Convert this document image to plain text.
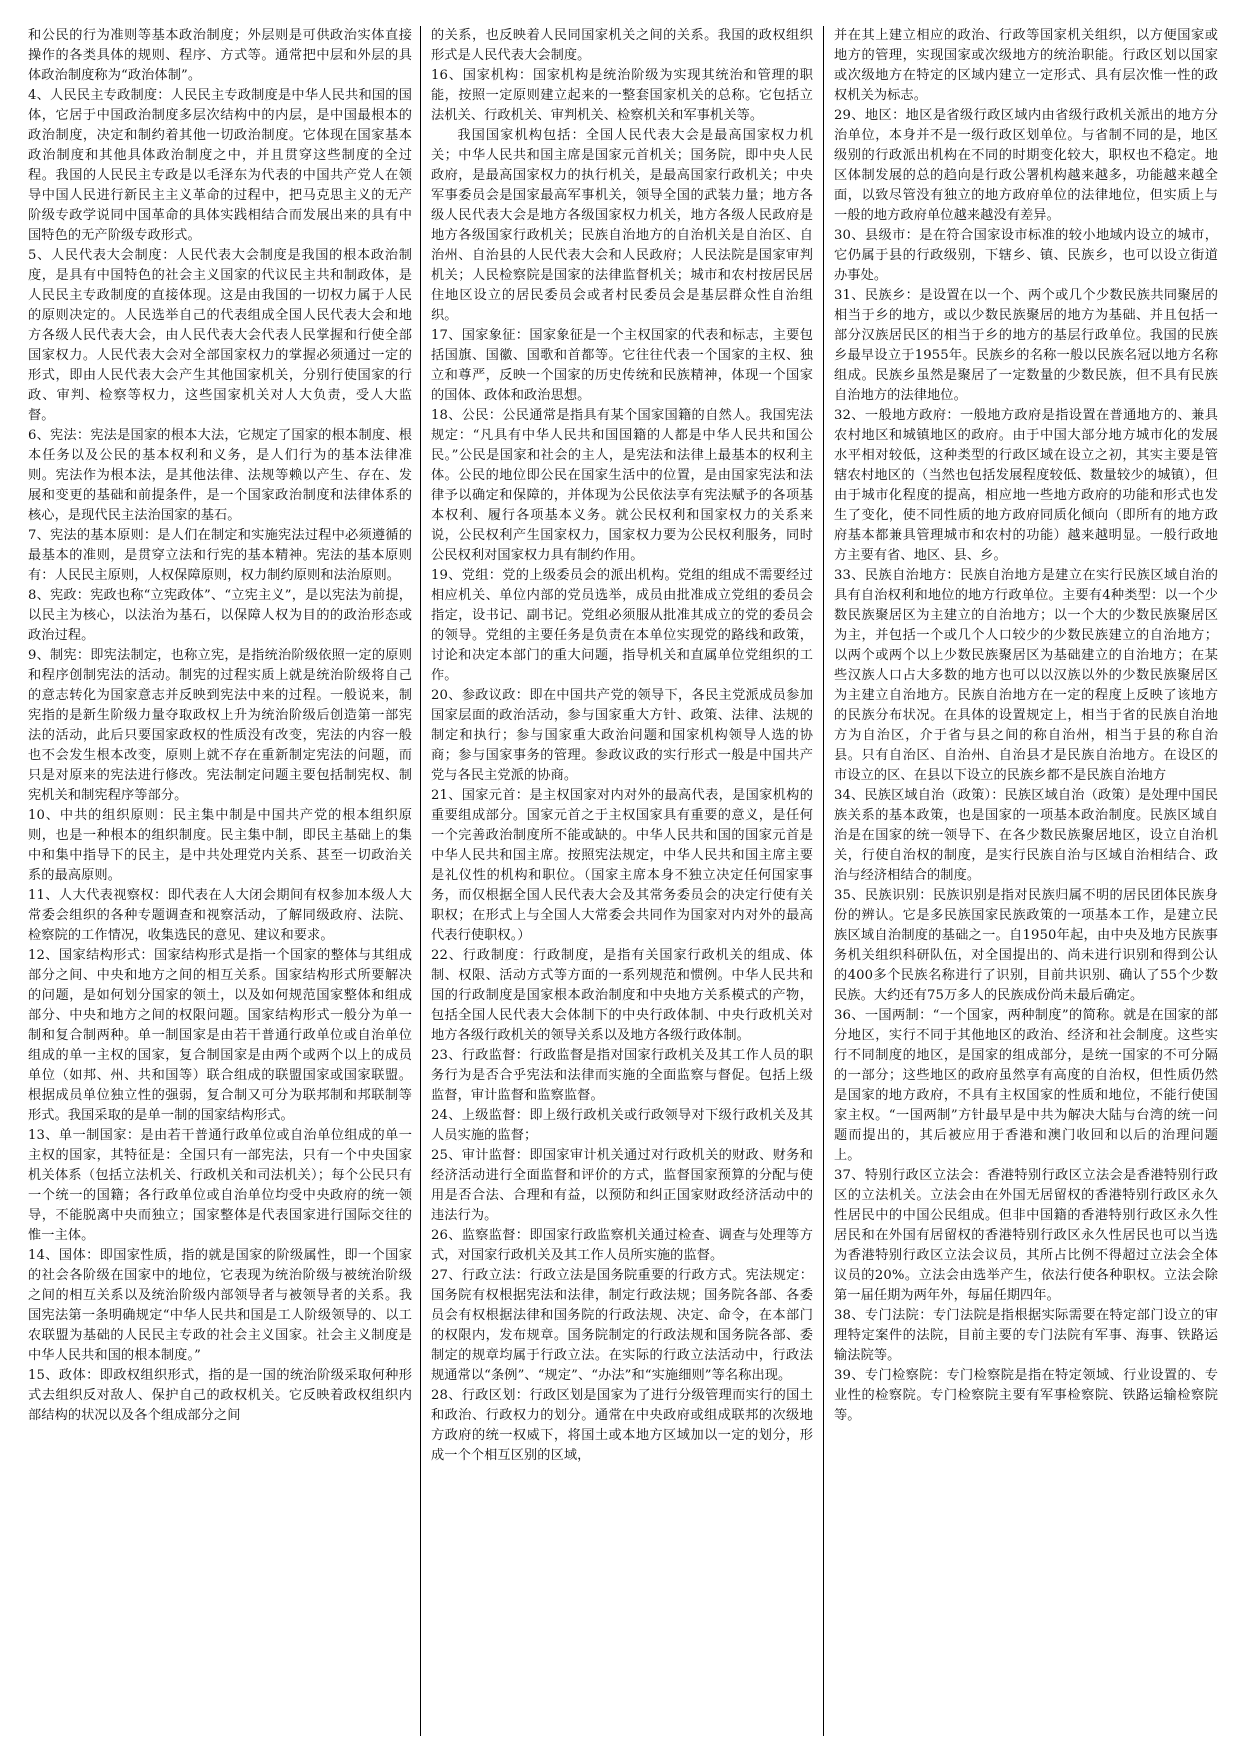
和公民的行为准则等基本政治制度；外层则是可供政治实体直接操作的各类具体的规则、程序、方式等。通常把中层和外层的具体政治制度称为“政治体制”。

4、人民民主专政制度：人民民主专政制度是中华人民共和国的国体，它居于中国政治制度多层次结构中的内层，是中国最根本的政治制度，决定和制约着其他一切政治制度。它体现在国家基本政治制度和其他具体政治制度之中，并且贯穿这些制度的全过程。我国的人民民主专政是以毛泽东为代表的中国共产党人在领导中国人民进行新民主主义革命的过程中，把马克思主义的无产阶级专政学说同中国革命的具体实践相结合而发展出来的具有中国特色的无产阶级专政形式。

5、人民代表大会制度：人民代表大会制度是我国的根本政治制度，是具有中国特色的社会主义国家的代议民主共和制政体，是人民民主专政制度的直接体现。这是由我国的一切权力属于人民的原则决定的。人民选举自己的代表组成全国人民代表大会和地方各级人民代表大会，由人民代表大会代表人民掌握和行使全部国家权力。人民代表大会对全部国家权力的掌握必须通过一定的形式，即由人民代表大会产生其他国家机关，分别行使国家的行政、审判、检察等权力，这些国家机关对人大负责，受人大监督。

6、宪法：宪法是国家的根本大法，它规定了国家的根本制度、根本任务以及公民的基本权利和义务，是人们行为的基本法律准则。宪法作为根本法，是其他法律、法规等赖以产生、存在、发展和变更的基础和前提条件，是一个国家政治制度和法律体系的核心，是现代民主法治国家的基石。

7、宪法的基本原则：是人们在制定和实施宪法过程中必须遵循的最基本的准则，是贯穿立法和行宪的基本精神。宪法的基本原则有：人民民主原则，人权保障原则，权力制约原则和法治原则。

8、宪政：宪政也称“立宪政体”、“立宪主义”，是以宪法为前提，以民主为核心，以法治为基石，以保障人权为目的的政治形态或政治过程。

9、制宪：即宪法制定，也称立宪，是指统治阶级依照一定的原则和程序创制宪法的活动。制宪的过程实质上就是统治阶级将自己的意志转化为国家意志并反映到宪法中来的过程。一般说来，制宪指的是新生阶级力量夺取政权上升为统治阶级后创造第一部宪法的活动，此后只要国家政权的性质没有改变，宪法的内容一般也不会发生根本改变，原则上就不存在重新制定宪法的问题，而只是对原来的宪法进行修改。宪法制定问题主要包括制宪权、制宪机关和制宪程序等部分。

10、中共的组织原则：民主集中制是中国共产党的根本组织原则，也是一种根本的组织制度。民主集中制，即民主基础上的集中和集中指导下的民主，是中共处理党内关系、甚至一切政治关系的最高原则。

11、人大代表视察权：即代表在人大闭会期间有权参加本级人大常委会组织的各种专题调查和视察活动，了解同级政府、法院、检察院的工作情况，收集选民的意见、建议和要求。

12、国家结构形式：国家结构形式是指一个国家的整体与其组成部分之间、中央和地方之间的相互关系。国家结构形式所要解决的问题，是如何划分国家的领土，以及如何规范国家整体和组成部分、中央和地方之间的权限问题。国家结构形式一般分为单一制和复合制两种。单一制国家是由若干普通行政单位或自治单位组成的单一主权的国家，复合制国家是由两个或两个以上的成员单位（如邦、州、共和国等）联合组成的联盟国家或国家联盟。根据成员单位独立性的强弱，复合制又可分为联邦制和邦联制等形式。我国采取的是单一制的国家结构形式。

13、单一制国家：是由若干普通行政单位或自治单位组成的单一主权的国家，其特征是：全国只有一部宪法，只有一个中央国家机关体系（包括立法机关、行政机关和司法机关）；每个公民只有一个统一的国籍；各行政单位或自治单位均受中央政府的统一领导，不能脱离中央而独立；国家整体是代表国家进行国际交往的惟一主体。

14、国体：即国家性质，指的就是国家的阶级属性，即一个国家的社会各阶级在国家中的地位，它表现为统治阶级与被统治阶级之间的相互关系以及统治阶级内部领导者与被领导者的关系。我国宪法第一条明确规定“中华人民共和国是工人阶级领导的、以工农联盟为基础的人民民主专政的社会主义国家。社会主义制度是中华人民共和国的根本制度。”

15、政体：即政权组织形式，指的是一国的统治阶级采取何种形式去组织反对敌人、保护自己的政权机关。它反映着政权组织内部结构的状况以及各个组成部分之间

的关系，也反映着人民同国家机关之间的关系。我国的政权组织形式是人民代表大会制度。

16、国家机构：国家机构是统治阶级为实现其统治和管理的职能，按照一定原则建立起来的一整套国家机关的总称。它包括立法机关、行政机关、审判机关、检察机关和军事机关等。

我国国家机构包括：全国人民代表大会是最高国家权力机关；中华人民共和国主席是国家元首机关；国务院，即中央人民政府，是最高国家权力的执行机关，是最高国家行政机关；中央军事委员会是国家最高军事机关，领导全国的武装力量；地方各级人民代表大会是地方各级国家权力机关，地方各级人民政府是地方各级国家行政机关；民族自治地方的自治机关是自治区、自治州、自治县的人民代表大会和人民政府；人民法院是国家审判机关；人民检察院是国家的法律监督机关；城市和农村按居民居住地区设立的居民委员会或者村民委员会是基层群众性自治组织。

17、国家象征：国家象征是一个主权国家的代表和标志，主要包括国旗、国徽、国歌和首都等。它往往代表一个国家的主权、独立和尊严，反映一个国家的历史传统和民族精神，体现一个国家的国体、政体和政治思想。

18、公民：公民通常是指具有某个国家国籍的自然人。我国宪法规定：“凡具有中华人民共和国国籍的人都是中华人民共和国公民。”公民是国家和社会的主人，是宪法和法律上最基本的权利主体。公民的地位即公民在国家生活中的位置，是由国家宪法和法律予以确定和保障的，并体现为公民依法享有宪法赋予的各项基本权利、履行各项基本义务。就公民权利和国家权力的关系来说，公民权利产生国家权力，国家权力要为公民权利服务，同时公民权利对国家权力具有制约作用。

19、党组：党的上级委员会的派出机构。党组的组成不需要经过相应机关、单位内部的党员选举，成员由批准成立党组的委员会指定，设书记、副书记。党组必须服从批准其成立的党的委员会的领导。党组的主要任务是负责在本单位实现党的路线和政策，讨论和决定本部门的重大问题，指导机关和直属单位党组织的工作。

20、参政议政：即在中国共产党的领导下，各民主党派成员参加国家层面的政治活动，参与国家重大方针、政策、法律、法规的制定和执行；参与国家重大政治问题和国家机构领导人选的协商；参与国家事务的管理。参政议政的实行形式一般是中国共产党与各民主党派的协商。

21、国家元首：是主权国家对内对外的最高代表，是国家机构的重要组成部分。国家元首之于主权国家具有重要的意义，是任何一个完善政治制度所不能或缺的。中华人民共和国的国家元首是中华人民共和国主席。按照宪法规定，中华人民共和国主席主要是礼仪性的机构和职位。（国家主席本身不独立决定任何国家事务，而仅根据全国人民代表大会及其常务委员会的决定行使有关职权；在形式上与全国人大常委会共同作为国家对内对外的最高代表行使职权。）

22、行政制度：行政制度，是指有关国家行政机关的组成、体制、权限、活动方式等方面的一系列规范和惯例。中华人民共和国的行政制度是国家根本政治制度和中央地方关系模式的产物，包括全国人民代表大会体制下的中央行政体制、中央行政机关对地方各级行政机关的领导关系以及地方各级行政体制。

23、行政监督：行政监督是指对国家行政机关及其工作人员的职务行为是否合乎宪法和法律而实施的全面监察与督促。包括上级监督，审计监督和监察监督。

24、上级监督：即上级行政机关或行政领导对下级行政机关及其人员实施的监督；

25、审计监督：即国家审计机关通过对行政机关的财政、财务和经济活动进行全面监督和评价的方式，监督国家预算的分配与使用是否合法、合理和有益，以预防和纠正国家财政经济活动中的违法行为。

26、监察监督：即国家行政监察机关通过检查、调查与处理等方式，对国家行政机关及其工作人员所实施的监督。

27、行政立法：行政立法是国务院重要的行政方式。宪法规定：国务院有权根据宪法和法律，制定行政法规；国务院各部、各委员会有权根据法律和国务院的行政法规、决定、命令，在本部门的权限内，发布规章。国务院制定的行政法规和国务院各部、委制定的规章均属于行政立法。在实际的行政立法活动中，行政法规通常以“条例”、“规定”、“办法”和“实施细则”等名称出现。

28、行政区划：行政区划是国家为了进行分级管理而实行的国土和政治、行政权力的划分。通常在中央政府或组成联邦的次级地方政府的统一权威下，将国土或本地方区域加以一定的划分，形成一个个相互区别的区域，

并在其上建立相应的政治、行政等国家机关组织，以方便国家或地方的管理，实现国家或次级地方的统治职能。行政区划以国家或次级地方在特定的区域内建立一定形式、具有层次惟一性的政权机关为标志。

29、地区：地区是省级行政区域内由省级行政机关派出的地方分治单位，本身并不是一级行政区划单位。与省制不同的是，地区级别的行政派出机构在不同的时期变化较大，职权也不稳定。地区体制发展的总的趋向是行政公署机构越来越多，功能越来越全面，以致尽管没有独立的地方政府单位的法律地位，但实质上与一般的地方政府单位越来越没有差异。

30、县级市：是在符合国家设市标准的较小地域内设立的城市，它仍属于县的行政级别，下辖乡、镇、民族乡，也可以设立街道办事处。

31、民族乡：是设置在以一个、两个或几个少数民族共同聚居的相当于乡的地方，或以少数民族聚居的地方为基础、并且包括一部分汉族居民区的相当于乡的地方的基层行政单位。我国的民族乡最早设立于1955年。民族乡的名称一般以民族名冠以地方名称组成。民族乡虽然是聚居了一定数量的少数民族，但不具有民族自治地方的法律地位。

32、一般地方政府：一般地方政府是指设置在普通地方的、兼具农村地区和城镇地区的政府。由于中国大部分地方城市化的发展水平相对较低，这种类型的行政区域在设立之初，其实主要是管辖农村地区的（当然也包括发展程度较低、数量较少的城镇），但由于城市化程度的提高，相应地一些地方政府的功能和形式也发生了变化，使不同性质的地方政府同质化倾向（即所有的地方政府基本都兼具管理城市和农村的功能）越来越明显。一般行政地方主要有省、地区、县、乡。

33、民族自治地方：民族自治地方是建立在实行民族区域自治的具有自治权利和地位的地方行政单位。主要有4种类型：以一个少数民族聚居区为主建立的自治地方；以一个大的少数民族聚居区为主，并包括一个或几个人口较少的少数民族建立的自治地方；以两个或两个以上少数民族聚居区为基础建立的自治地方；在某些汉族人口占大多数的地方也可以以汉族以外的少数民族聚居区为主建立自治地方。民族自治地方在一定的程度上反映了该地方的民族分布状况。在具体的设置规定上，相当于省的民族自治地方为自治区，介于省与县之间的称自治州，相当于县的称自治县。只有自治区、自治州、自治县才是民族自治地方。在设区的市设立的区、在县以下设立的民族乡都不是民族自治地方

34、民族区域自治（政策）：民族区域自治（政策）是处理中国民族关系的基本政策，也是国家的一项基本政治制度。民族区域自治是在国家的统一领导下、在各少数民族聚居地区，设立自治机关，行使自治权的制度，是实行民族自治与区域自治相结合、政治与经济相结合的制度。

35、民族识别：民族识别是指对民族归属不明的居民团体民族身份的辨认。它是多民族国家民族政策的一项基本工作，是建立民族区域自治制度的基础之一。自1950年起，由中央及地方民族事务机关组织科研队伍，对全国提出的、尚未进行识别和得到公认的400多个民族名称进行了识别，目前共识别、确认了55个少数民族。大约还有75万多人的民族成份尚未最后确定。

36、一国两制：“一个国家，两种制度”的简称。就是在国家的部分地区，实行不同于其他地区的政治、经济和社会制度。这些实行不同制度的地区，是国家的组成部分，是统一国家的不可分隔的一部分；这些地区的政府虽然享有高度的自治权，但性质仍然是国家的地方政府，不具有主权国家的性质和地位，不能行使国家主权。“一国两制”方针最早是中共为解决大陆与台湾的统一问题而提出的，其后被应用于香港和澳门收回和以后的治理问题上。

37、特别行政区立法会：香港特别行政区立法会是香港特别行政区的立法机关。立法会由在外国无居留权的香港特别行政区永久性居民中的中国公民组成。但非中国籍的香港特别行政区永久性居民和在外国有居留权的香港特别行政区永久性居民也可以当选为香港特别行政区立法会议员，其所占比例不得超过立法会全体议员的20%。立法会由选举产生，依法行使各种职权。立法会除第一届任期为两年外，每届任期四年。

38、专门法院：专门法院是指根据实际需要在特定部门设立的审理特定案件的法院，目前主要的专门法院有军事、海事、铁路运输法院等。

39、专门检察院：专门检察院是指在特定领域、行业设置的、专业性的检察院。专门检察院主要有军事检察院、铁路运输检察院等。
